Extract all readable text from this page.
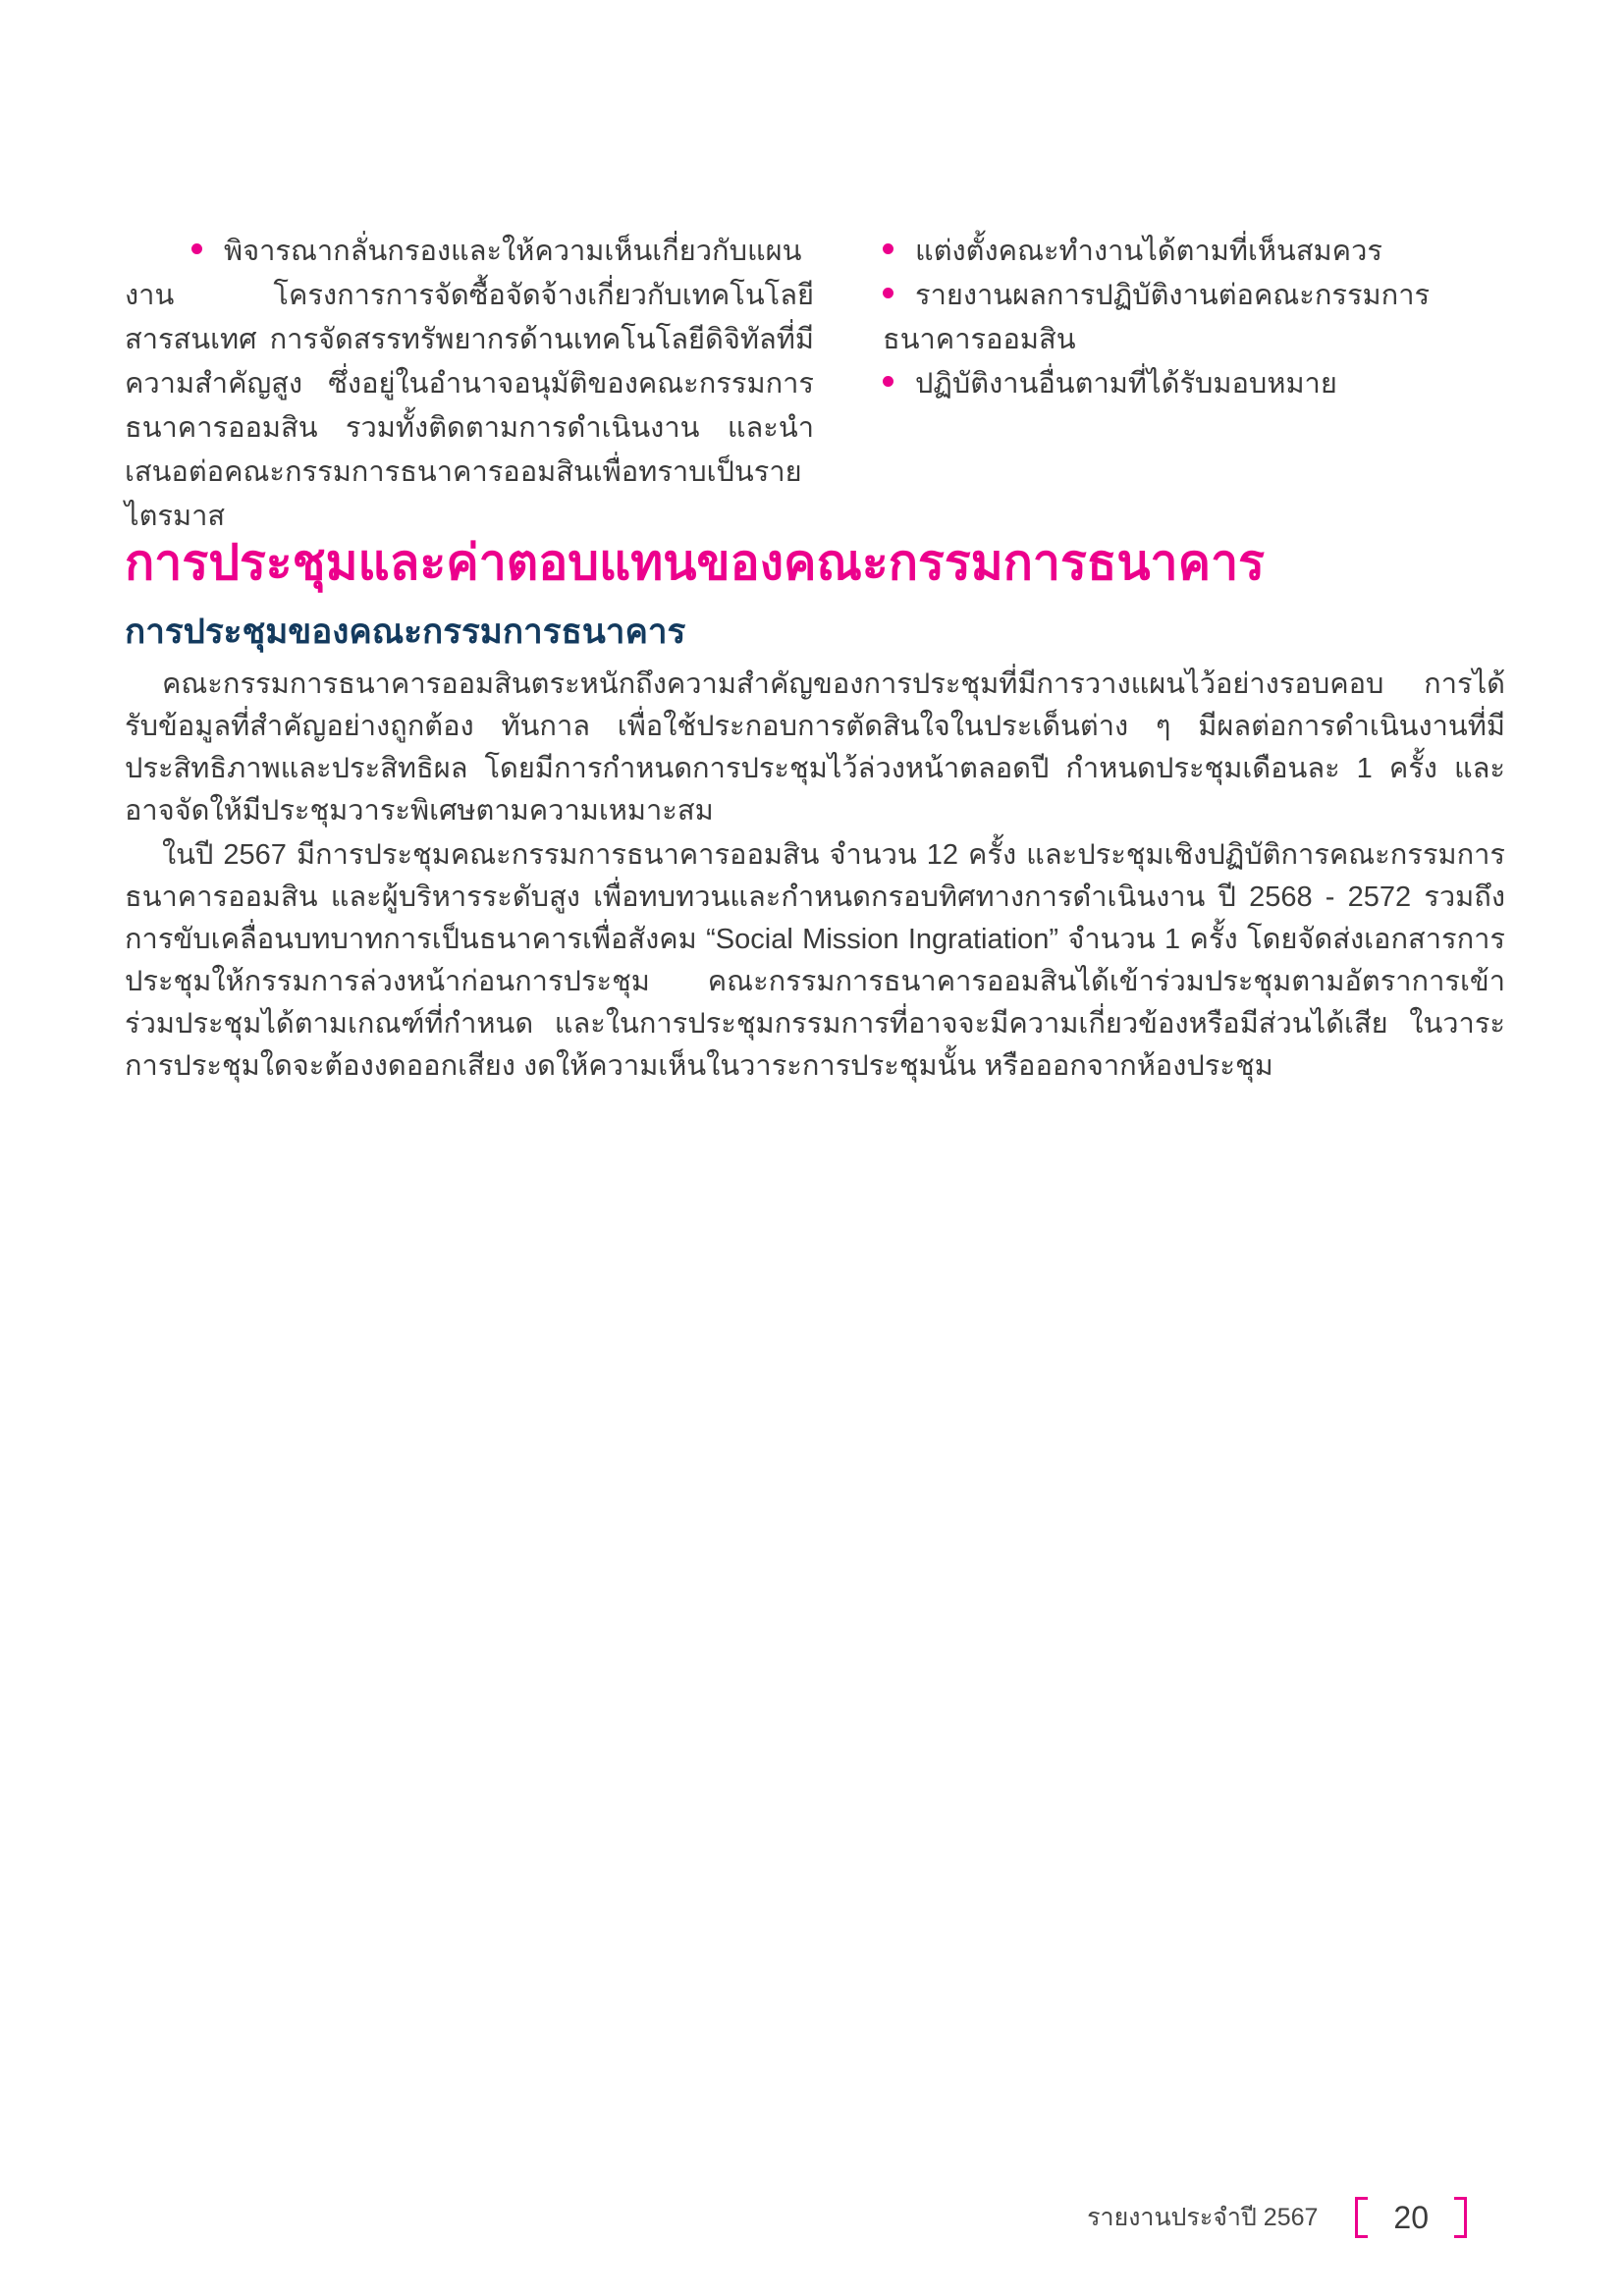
พิจารณากลั่นกรองและให้ความเห็นเกี่ยวกับแผนงาน โครงการการจัดซื้อจัดจ้างเกี่ยวกับเทคโนโลยีสารสนเทศ การจัดสรรทรัพยากรด้านเทคโนโลยีดิจิทัลที่มีความสำคัญสูง ซึ่งอยู่ในอำนาจอนุมัติของคณะกรรมการธนาคารออมสิน รวมทั้งติดตามการดำเนินงาน และนำเสนอต่อคณะกรรมการธนาคารออมสินเพื่อทราบเป็นรายไตรมาส

แต่งตั้งคณะทำงานได้ตามที่เห็นสมควร

รายงานผลการปฏิบัติงานต่อคณะกรรมการธนาคารออมสิน

ปฏิบัติงานอื่นตามที่ได้รับมอบหมาย

การประชุมและค่าตอบแทนของคณะกรรมการธนาคาร
การประชุมของคณะกรรมการธนาคาร

คณะกรรมการธนาคารออมสินตระหนักถึงความสำคัญของการประชุมที่มีการวางแผนไว้อย่างรอบคอบ การได้รับข้อมูลที่สำคัญอย่างถูกต้อง ทันกาล เพื่อใช้ประกอบการตัดสินใจในประเด็นต่าง ๆ มีผลต่อการดำเนินงานที่มีประสิทธิภาพและประสิทธิผล โดยมีการกำหนดการประชุมไว้ล่วงหน้าตลอดปี กำหนดประชุมเดือนละ 1 ครั้ง และอาจจัดให้มีประชุมวาระพิเศษตามความเหมาะสม

ในปี 2567 มีการประชุมคณะกรรมการธนาคารออมสิน จำนวน 12 ครั้ง และประชุมเชิงปฏิบัติการคณะกรรมการธนาคารออมสิน และผู้บริหารระดับสูง เพื่อทบทวนและกำหนดกรอบทิศทางการดำเนินงาน ปี 2568 - 2572 รวมถึงการขับเคลื่อนบทบาทการเป็นธนาคารเพื่อสังคม “Social Mission Ingratiation” จำนวน 1 ครั้ง โดยจัดส่งเอกสารการประชุมให้กรรมการล่วงหน้าก่อนการประชุม คณะกรรมการธนาคารออมสินได้เข้าร่วมประชุมตามอัตราการเข้าร่วมประชุมได้ตามเกณฑ์ที่กำหนด และในการประชุมกรรมการที่อาจจะมีความเกี่ยวข้องหรือมีส่วนได้เสีย ในวาระการประชุมใดจะต้องงดออกเสียง งดให้ความเห็นในวาระการประชุมนั้น หรือออกจากห้องประชุม

รายงานประจำปี 2567 20
